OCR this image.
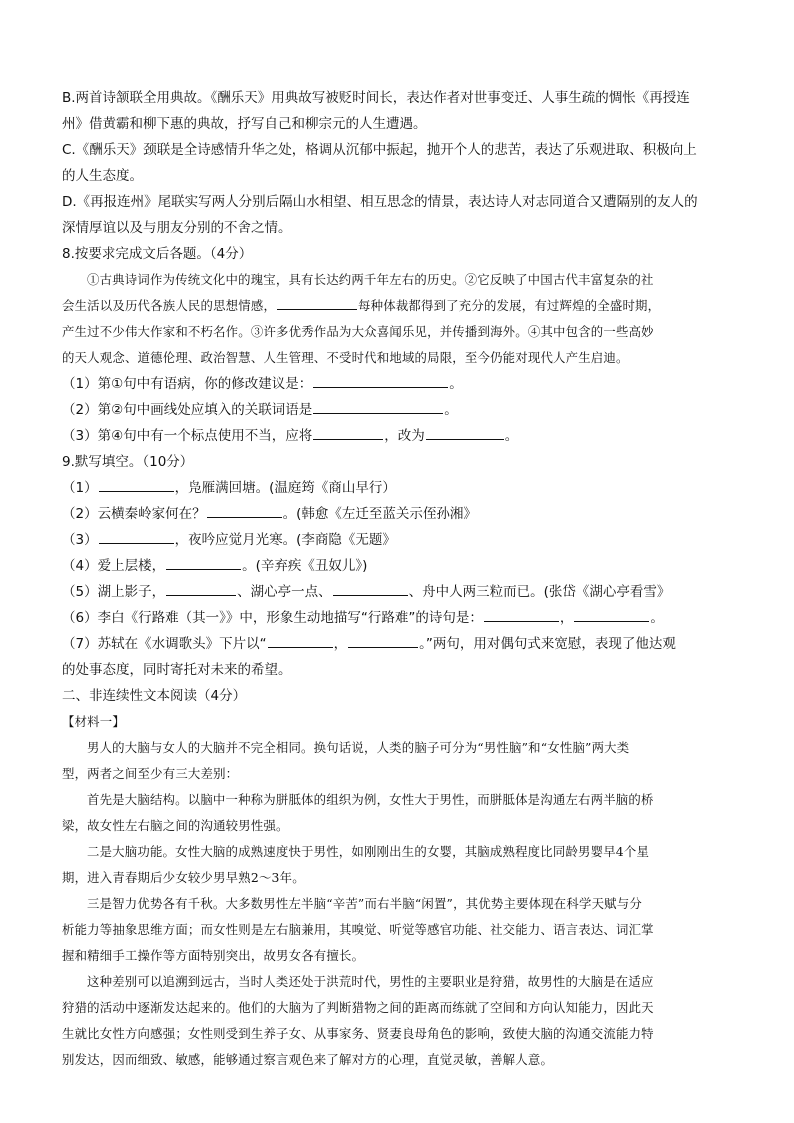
B.两首诗颔联全用典故。《酬乐天》用典故写被贬时间长，表达作者对世事变迁、人事生疏的惆怅《再授连
州》借黄霸和柳下惠的典故，抒写自己和柳宗元的人生遭遇。
C.《酬乐天》颈联是全诗感情升华之处，格调从沉郁中振起，抛开个人的悲苦，表达了乐观进取、积极向上
的人生态度。
D.《再报连州》尾联实写两人分别后隔山水相望、相互思念的情景，表达诗人对志同道合又遭隔别的友人的
深情厚谊以及与朋友分别的不舍之情。
8.按要求完成文后各题。（4分）
①古典诗词作为传统文化中的瑰宝，具有长达约两千年左右的历史。②它反映了中国古代丰富复杂的社
会生活以及历代各族人民的思想情感，	每种体裁都得到了充分的发展，有过辉煌的全盛时期，
产生过不少伟大作家和不朽名作。③许多优秀作品为大众喜闻乐见，并传播到海外。④其中包含的一些高妙
的天人观念、道德伦理、政治智慧、人生管理、不受时代和地域的局限，至今仍能对现代人产生启迪。
（1）第①句中有语病，你的修改建议是：	。
（2）第②句中画线处应填入的关联词语是	。
（3）第④句中有一个标点使用不当，应将	，改为	。
9.默写填空。（10分）
（1）	，凫雁满回塘。(温庭筠《商山早行）
（2）云横秦岭家何在？	。(韩愈《左迁至蓝关示侄孙湘》
（3）	，夜吟应觉月光寒。(李商隐《无题》
（4）爱上层楼，	。(辛弃疾《丑奴儿》)
（5）湖上影子，	、湖心亭一点、	、舟中人两三粒而已。(张岱《湖心亭看雪》
（6）李白《行路难（其一》》中，形象生动地描写“行路难”的诗句是：	，	。
（7）苏轼在《水调歌头》下片以“	，	。”两句，用对偶句式来宽慰，表现了他达观
的处事态度，同时寄托对未来的希望。
二、非连续性文本阅读（4分）
【材料一】
男人的大脑与女人的大脑并不完全相同。换句话说，人类的脑子可分为“男性脑”和“女性脑”两大类
型，两者之间至少有三大差别：
首先是大脑结构。以脑中一种称为胼胝体的组织为例，女性大于男性，而胼胝体是沟通左右两半脑的桥
梁，故女性左右脑之间的沟通较男性强。
二是大脑功能。女性大脑的成熟速度快于男性，如刚刚出生的女婴，其脑成熟程度比同龄男婴早4个星
期，进入青春期后少女较少男早熟2～3年。
三是智力优势各有千秋。大多数男性左半脑“辛苦”而右半脑“闲置”，其优势主要体现在科学天赋与分
析能力等抽象思维方面；而女性则是左右脑兼用，其嗅觉、听觉等感官功能、社交能力、语言表达、词汇掌
握和精细手工操作等方面特别突出，故男女各有擅长。
这种差别可以追溯到远古，当时人类还处于洪荒时代，男性的主要职业是狩猎，故男性的大脑是在适应
狩猎的活动中逐渐发达起来的。他们的大脑为了判断猎物之间的距离而练就了空间和方向认知能力，因此天
生就比女性方向感强；女性则受到生养子女、从事家务、贤妻良母角色的影响，致使大脑的沟通交流能力特
别发达，因而细致、敏感，能够通过察言观色来了解对方的心理，直觉灵敏，善解人意。
